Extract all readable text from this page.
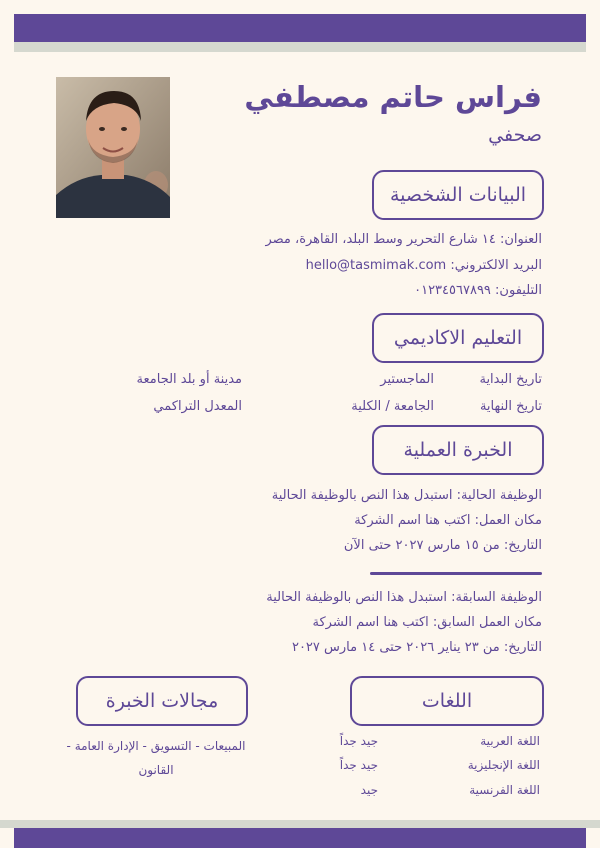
فراس حاتم مصطفي
صحفي
البيانات الشخصية
العنوان: ١٤ شارع التحرير وسط البلد، القاهرة، مصر
البريد الالكتروني: hello@tasmimak.com
التليفون: ٠١٢٣٤٥٦٧٨٩٩
التعليم الاكاديمي
تاريخ البداية
الماجستير
مدينة أو بلد الجامعة
تاريخ النهاية
الجامعة / الكلية
المعدل التراكمي
الخبرة العملية
الوظيفة الحالية: استبدل هذا النص بالوظيفة الحالية
مكان العمل: اكتب هنا اسم الشركة
التاريخ: من ١٥ مارس ٢٠٢٧ حتى الآن
الوظيفة السابقة: استبدل هذا النص بالوظيفة الحالية
مكان العمل السابق: اكتب هنا اسم الشركة
التاريخ: من ٢٣ يناير ٢٠٢٦ حتى ١٤ مارس ٢٠٢٧
اللغات
اللغة العربية
جيد جداً
اللغة الإنجليزية
جيد جداً
اللغة الفرنسية
جيد
مجالات الخبرة
المبيعات - التسويق - الإدارة العامة -
القانون
